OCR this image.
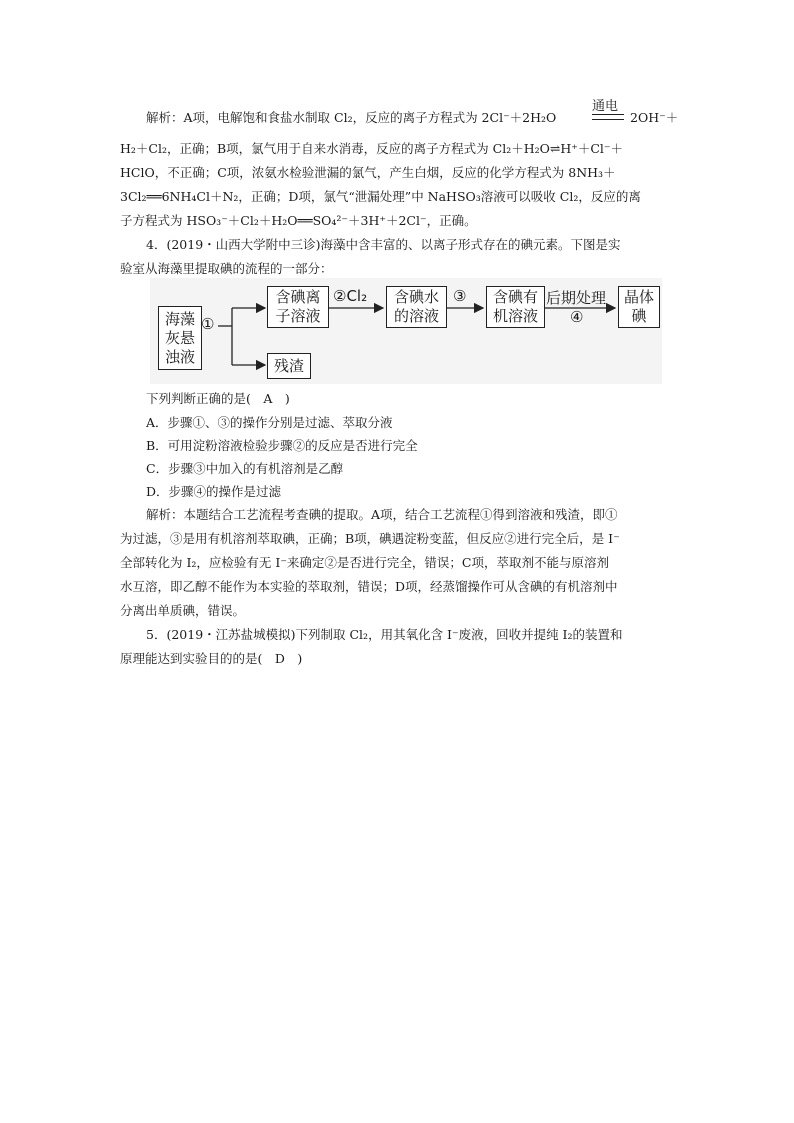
通电
解析：A项，电解饱和食盐水制取 Cl₂，反应的离子方程式为 2Cl⁻＋2H₂O	2OH⁻＋
H₂＋Cl₂，正确；B项，氯气用于自来水消毒，反应的离子方程式为 Cl₂＋H₂O⇌H⁺＋Cl⁻＋
HClO，不正确；C项，浓氨水检验泄漏的氯气，产生白烟，反应的化学方程式为 8NH₃＋
3Cl₂══6NH₄Cl＋N₂，正确；D项，氯气“泄漏处理”中 NaHSO₃溶液可以吸收 Cl₂，反应的离
子方程式为 HSO₃⁻＋Cl₂＋H₂O══SO₄²⁻＋3H⁺＋2Cl⁻，正确。
4．(2019・山西大学附中三诊)海藻中含丰富的、以离子形式存在的碘元素。下图是实
验室从海藻里提取碘的流程的一部分：
海藻
灰悬
浊液
①
含碘离
子溶液
②Cl₂ 含碘水
的溶液
③ 含碘有
机溶液
后期处理
④
晶体
碘
残渣
下列判断正确的是(　A　)
A．步骤①、③的操作分别是过滤、萃取分液
B．可用淀粉溶液检验步骤②的反应是否进行完全
C．步骤③中加入的有机溶剂是乙醇
D．步骤④的操作是过滤
解析：本题结合工艺流程考查碘的提取。A项，结合工艺流程①得到溶液和残渣，即①
为过滤，③是用有机溶剂萃取碘，正确；B项，碘遇淀粉变蓝，但反应②进行完全后，是 I⁻
全部转化为 I₂，应检验有无 I⁻来确定②是否进行完全，错误；C项，萃取剂不能与原溶剂
水互溶，即乙醇不能作为本实验的萃取剂，错误；D项，经蒸馏操作可从含碘的有机溶剂中
分离出单质碘，错误。
5．(2019・江苏盐城模拟)下列制取 Cl₂，用其氧化含 I⁻废液，回收并提纯 I₂的装置和
原理能达到实验目的的是(　D　)
